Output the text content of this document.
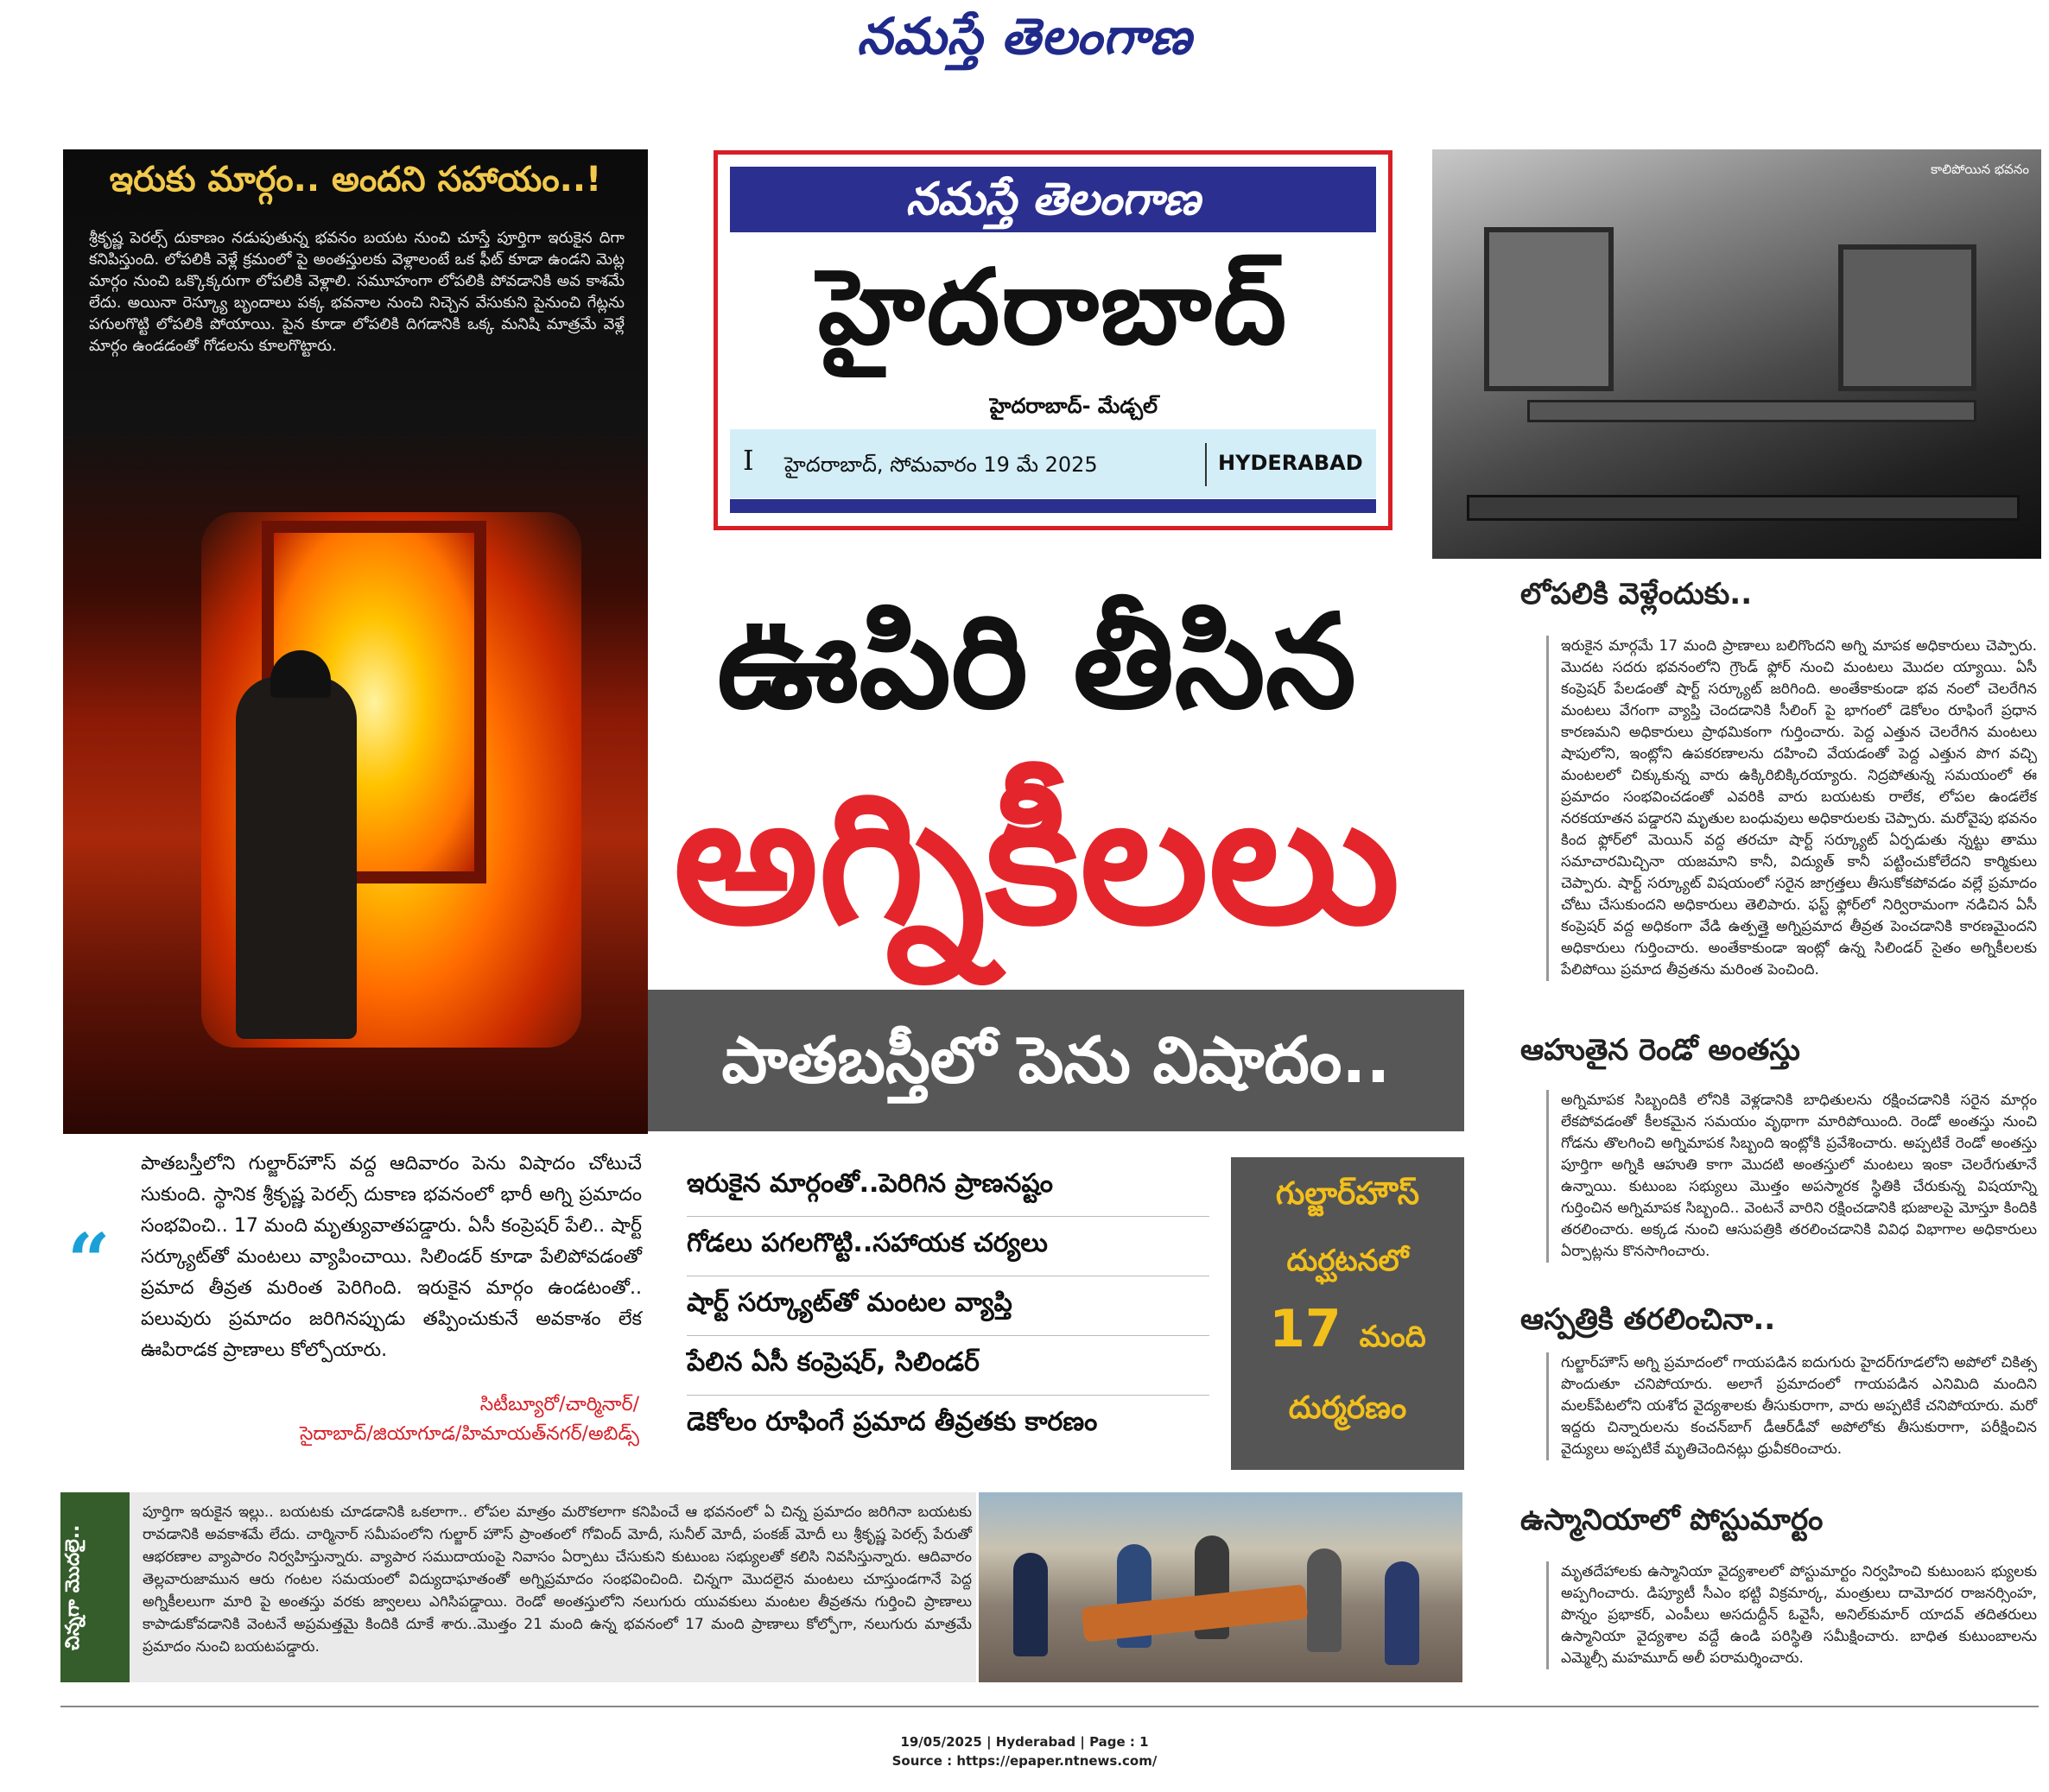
నమస్తే తెలంగాణ
ఇరుకు మార్గం.. అందని సహాయం..!
శ్రీకృష్ణ పెరల్స్ దుకాణం నడుపుతున్న భవనం బయట నుంచి చూస్తే పూర్తిగా ఇరుకైన దిగా కనిపిస్తుంది. లోపలికి వెళ్లే క్రమంలో పై అంతస్తులకు వెళ్లాలంటే ఒక ఫీట్ కూడా ఉండని మెట్ల మార్గం నుంచి ఒక్కొక్కరుగా లోపలికి వెళ్లాలి. సమూహంగా లోపలికి పోవడానికి అవ కాశమే లేదు. అయినా రెస్క్యూ బృందాలు పక్క భవనాల నుంచి నిచ్చెన వేసుకుని పైనుంచి గేట్లను పగులగొట్టి లోపలికి పోయాయి. పైన కూడా లోపలికి దిగడానికి ఒక్క మనిషి మాత్రమే వెళ్లే మార్గం ఉండడంతో గోడలను కూలగొట్టారు.
నమస్తే తెలంగాణ
హైదరాబాద్
హైదరాబాద్- మేడ్చల్
I హైదరాబాద్, సోమవారం 19 మే 2025	HYDERABAD
కాలిపోయిన భవనం
ఊపిరి తీసిన
అగ్నికీలలు
పాతబస్తీలో పెను విషాదం..
“
పాతబస్తీలోని గుల్జార్‌హౌస్ వద్ద ఆదివారం పెను విషాదం చోటుచే సుకుంది. స్థానిక శ్రీకృష్ణ పెరల్స్ దుకాణ భవనంలో భారీ అగ్ని ప్రమాదం సంభవించి.. 17 మంది మృత్యువాతపడ్డారు. ఏసీ కంప్రెషర్ పేలి.. షార్ట్ సర్క్యూట్‌తో మంటలు వ్యాపించాయి. సిలిండర్ కూడా పేలిపోవడంతో ప్రమాద తీవ్రత మరింత పెరిగింది. ఇరుకైన మార్గం ఉండటంతో.. పలువురు ప్రమాదం జరిగినప్పుడు తప్పించుకునే అవకాశం లేక ఊపిరాడక ప్రాణాలు కోల్పోయారు.
సిటీబ్యూరో/చార్మినార్/
సైదాబాద్/జియాగూడ/హిమాయత్‌నగర్/అబిడ్స్
ఇరుకైన మార్గంతో..పెరిగిన ప్రాణనష్టం
గోడలు పగలగొట్టి..సహాయక చర్యలు
షార్ట్ సర్క్యూట్‌తో మంటల వ్యాప్తి
పేలిన ఏసీ కంప్రెషర్, సిలిండర్
డెకోలం రూఫింగే ప్రమాద తీవ్రతకు కారణం
గుల్జార్‌హౌస్
దుర్ఘటనలో
17 మంది
దుర్మరణం
చిన్నగా మొదలై..
పూర్తిగా ఇరుకైన ఇల్లు.. బయటకు చూడడానికి ఒకలాగా.. లోపల మాత్రం మరొకలాగా కనిపించే ఆ భవనంలో ఏ చిన్న ప్రమాదం జరిగినా బయటకు రావడానికి అవకాశమే లేదు. చార్మినార్ సమీపంలోని గుల్జార్ హౌస్ ప్రాంతంలో గోవింద్ మోదీ, సునీల్ మోదీ, పంకజ్ మోదీ లు శ్రీకృష్ణ పెరల్స్ పేరుతో ఆభరణాల వ్యాపారం నిర్వహిస్తున్నారు. వ్యాపార సముదాయంపై నివాసం ఏర్పాటు చేసుకుని కుటుంబ సభ్యులతో కలిసి నివసిస్తున్నారు. ఆదివారం తెల్లవారుజామున ఆరు గంటల సమయంలో విద్యుదాఘాతంతో అగ్నిప్రమాదం సంభవించింది. చిన్నగా మొదలైన మంటలు చూస్తుండగానే పెద్ద అగ్నికీలలుగా మారి పై అంతస్తు వరకు జ్వాలలు ఎగిసిపడ్డాయి. రెండో అంతస్తులోని నలుగురు యువకులు మంటల తీవ్రతను గుర్తించి ప్రాణాలు కాపాడుకోవడానికి వెంటనే అప్రమత్తమై కిందికి దూకే శారు..మొత్తం 21 మంది ఉన్న భవనంలో 17 మంది ప్రాణాలు కోల్పోగా, నలుగురు మాత్రమే ప్రమాదం నుంచి బయటపడ్డారు.
లోపలికి వెళ్లేందుకు..
ఇరుకైన మార్గమే 17 మంది ప్రాణాలు బలిగొందని అగ్ని మాపక అధికారులు చెప్పారు. మొదట సదరు భవనంలోని గ్రౌండ్ ఫ్లోర్ నుంచి మంటలు మొదల య్యాయి. ఏసీ కంప్రెషర్ పేలడంతో షార్ట్ సర్క్యూట్ జరిగింది. అంతేకాకుండా భవ నంలో చెలరేగిన మంటలు వేగంగా వ్యాప్తి చెందడానికి సీలింగ్ పై భాగంలో డెకోలం రూఫింగే ప్రధాన కారణమని అధికారులు ప్రాథమికంగా గుర్తించారు. పెద్ద ఎత్తున చెలరేగిన మంటలు షాపులోని, ఇంట్లోని ఉపకరణాలను దహించి వేయడంతో పెద్ద ఎత్తున పొగ వచ్చి మంటలలో చిక్కుకున్న వారు ఉక్కిరిబిక్కిరయ్యారు. నిద్రపోతున్న సమయంలో ఈ ప్రమాదం సంభవించడంతో ఎవరికి వారు బయటకు రాలేక, లోపల ఉండలేక నరకయాతన పడ్డారని మృతుల బంధువులు అధికారులకు చెప్పారు. మరోవైపు భవనం కింద ఫ్లోర్‌లో మెయిన్ వద్ద తరచూ షార్ట్ సర్క్యూట్ ఏర్పడుతు న్నట్టు తాము సమాచారమిచ్చినా యజమాని కానీ, విద్యుత్ కానీ పట్టించుకోలేదని కార్మికులు చెప్పారు. షార్ట్ సర్క్యూట్ విషయంలో సరైన జాగ్రత్తలు తీసుకోకపోవడం వల్లే ప్రమాదం చోటు చేసుకుందని అధికారులు తెలిపారు. ఫస్ట్ ఫ్లోర్‌లో నిర్విరామంగా నడిచిన ఏసీ కంప్రెషర్ వద్ద అధికంగా వేడి ఉత్పత్తై అగ్నిప్రమాద తీవ్రత పెంచడానికి కారణమైందని అధికారులు గుర్తించారు. అంతేకాకుండా ఇంట్లో ఉన్న సిలిండర్ సైతం అగ్నికీలలకు పేలిపోయి ప్రమాద తీవ్రతను మరింత పెంచింది.
ఆహుతైన రెండో అంతస్తు
అగ్నిమాపక సిబ్బందికి లోనికి వెళ్లడానికి బాధితులను రక్షించడానికి సరైన మార్గం లేకపోవడంతో కీలకమైన సమయం వృథాగా మారిపోయింది. రెండో అంతస్తు నుంచి గోడను తొలగించి అగ్నిమాపక సిబ్బంది ఇంట్లోకి ప్రవేశించారు. అప్పటికే రెండో అంతస్తు పూర్తిగా అగ్నికి ఆహుతి కాగా మొదటి అంతస్తులో మంటలు ఇంకా చెలరేగుతూనే ఉన్నాయి. కుటుంబ సభ్యులు మొత్తం అపస్మారక స్థితికి చేరుకున్న విషయాన్ని గుర్తించిన అగ్నిమాపక సిబ్బంది.. వెంటనే వారిని రక్షించడానికి భుజాలపై మోస్తూ కిందికి తరలించారు. అక్కడ నుంచి ఆసుపత్రికి తరలించడానికి వివిధ విభాగాల అధికారులు ఏర్పాట్లను కొనసాగించారు.
ఆస్పత్రికి తరలించినా..
గుల్జార్‌హౌస్ అగ్ని ప్రమాదంలో గాయపడిన ఐదుగురు హైదర్‌గూడలోని అపోలో చికిత్స పొందుతూ చనిపోయారు. అలాగే ప్రమాదంలో గాయపడిన ఎనిమిది మందిని మలక్‌పేటలోని యశోద వైద్యశాలకు తీసుకురాగా, వారు అప్పటికే చనిపోయారు. మరో ఇద్దరు చిన్నారులను కంచన్‌బాగ్ డీఆర్‌డీవో అపోలోకు తీసుకురాగా, పరీక్షించిన వైద్యులు అప్పటికే మృతిచెందినట్లు ధ్రువీకరించారు.
ఉస్మానియాలో పోస్టుమార్టం
మృతదేహాలకు ఉస్మానియా వైద్యశాలలో పోస్టుమార్టం నిర్వహించి కుటుంబస భ్యులకు అప్పగించారు. డిప్యూటీ సీఎం భట్టి విక్రమార్క, మంత్రులు దామోదర రాజనర్సింహ, పొన్నం ప్రభాకర్, ఎంపీలు అసదుద్దీన్ ఓవైసీ, అనిల్‌కుమార్ యాదవ్ తదితరులు ఉస్మానియా వైద్యశాల వద్దే ఉండి పరిస్థితి సమీక్షించారు. బాధిత కుటుంబాలను ఎమ్మెల్సీ మహమూద్ అలీ పరామర్శించారు.
19/05/2025 | Hyderabad | Page : 1
Source : https://epaper.ntnews.com/
